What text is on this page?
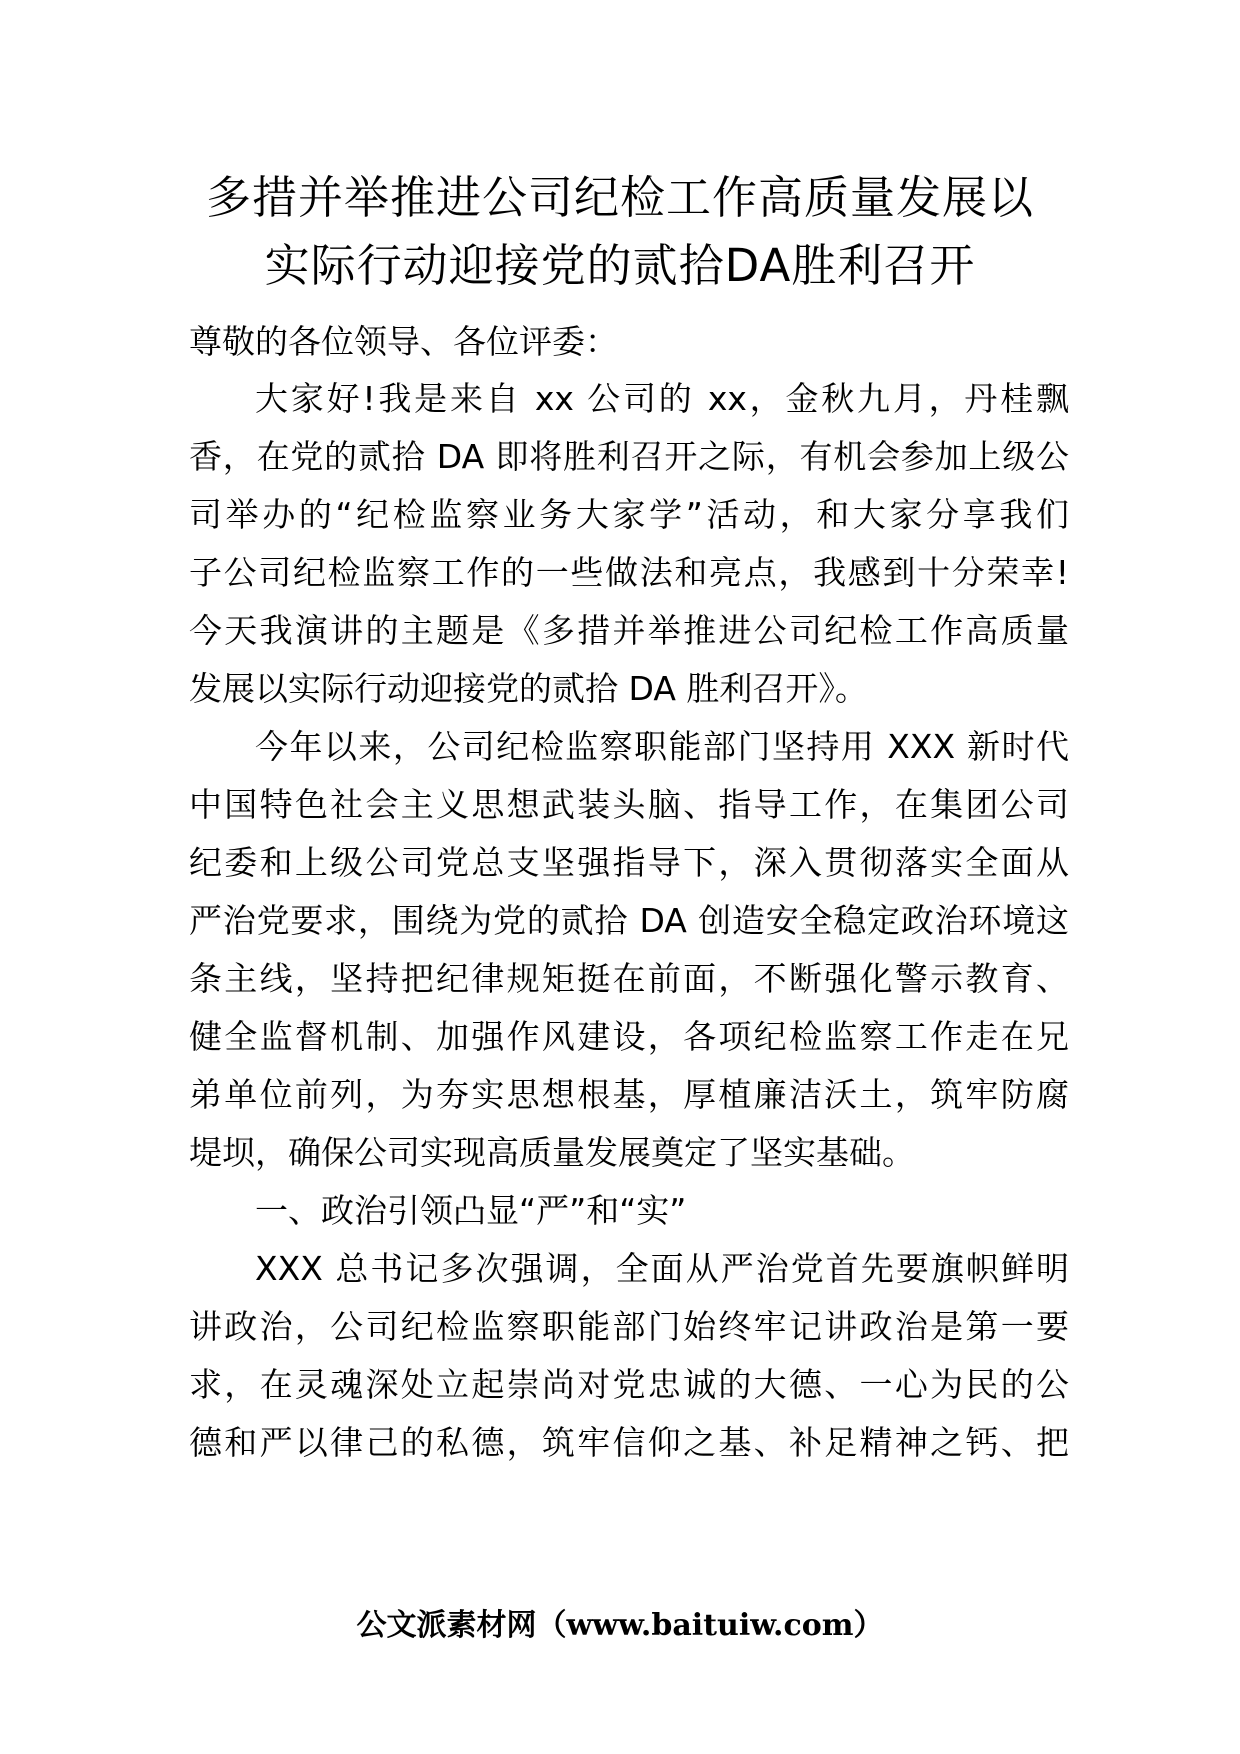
多措并举推进公司纪检工作高质量发展以
实际行动迎接党的贰拾DA胜利召开
尊敬的各位领导、各位评委：
大家好!我是来自 xx 公司的 xx，金秋九月，丹桂飘
香，在党的贰拾 DA 即将胜利召开之际，有机会参加上级公
司举办的“纪检监察业务大家学”活动，和大家分享我们
子公司纪检监察工作的一些做法和亮点，我感到十分荣幸!
今天我演讲的主题是《多措并举推进公司纪检工作高质量
发展以实际行动迎接党的贰拾 DA 胜利召开》。
今年以来，公司纪检监察职能部门坚持用 XXX 新时代
中国特色社会主义思想武装头脑、指导工作，在集团公司
纪委和上级公司党总支坚强指导下，深入贯彻落实全面从
严治党要求，围绕为党的贰拾 DA 创造安全稳定政治环境这
条主线，坚持把纪律规矩挺在前面，不断强化警示教育、
健全监督机制、加强作风建设，各项纪检监察工作走在兄
弟单位前列，为夯实思想根基，厚植廉洁沃土，筑牢防腐
堤坝，确保公司实现高质量发展奠定了坚实基础。
一、政治引领凸显“严”和“实”
XXX 总书记多次强调，全面从严治党首先要旗帜鲜明
讲政治，公司纪检监察职能部门始终牢记讲政治是第一要
求，在灵魂深处立起崇尚对党忠诚的大德、一心为民的公
德和严以律己的私德，筑牢信仰之基、补足精神之钙、把
公文派素材网（www.baituiw.com）
